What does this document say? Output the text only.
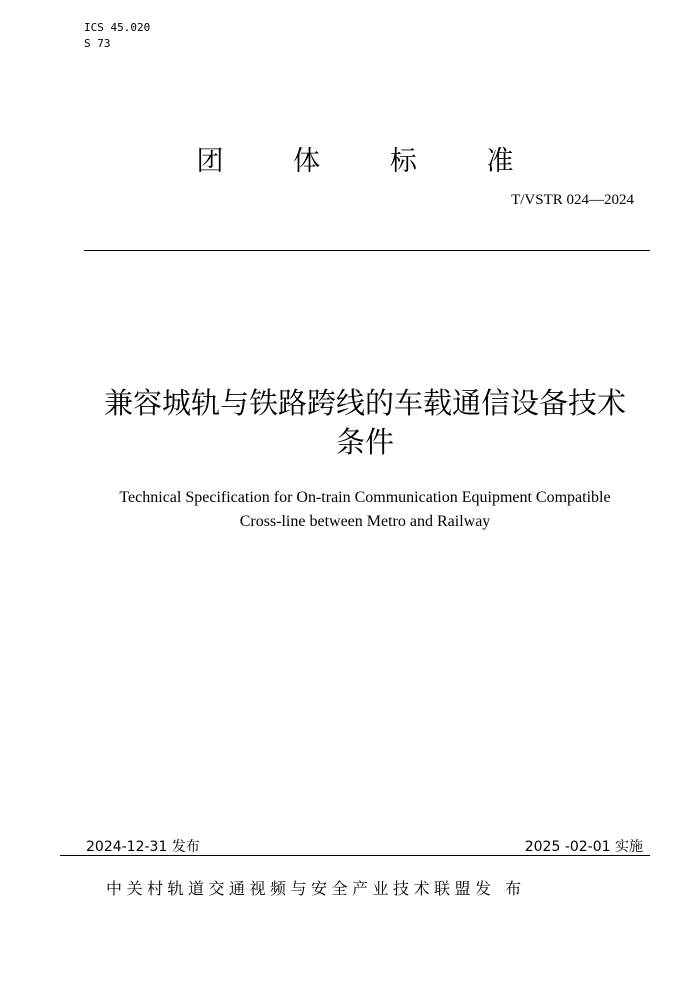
ICS 45.020
S 73
团	体	标	准
T/VSTR 024—2024
兼容城轨与铁路跨线的车载通信设备技术
条件
Technical Specification for On-train Communication Equipment Compatible
Cross-line between Metro and Railway
2024-12-31 发布	2025 -02-01 实施
中关村轨道交通视频与安全产业技术联盟发 布
